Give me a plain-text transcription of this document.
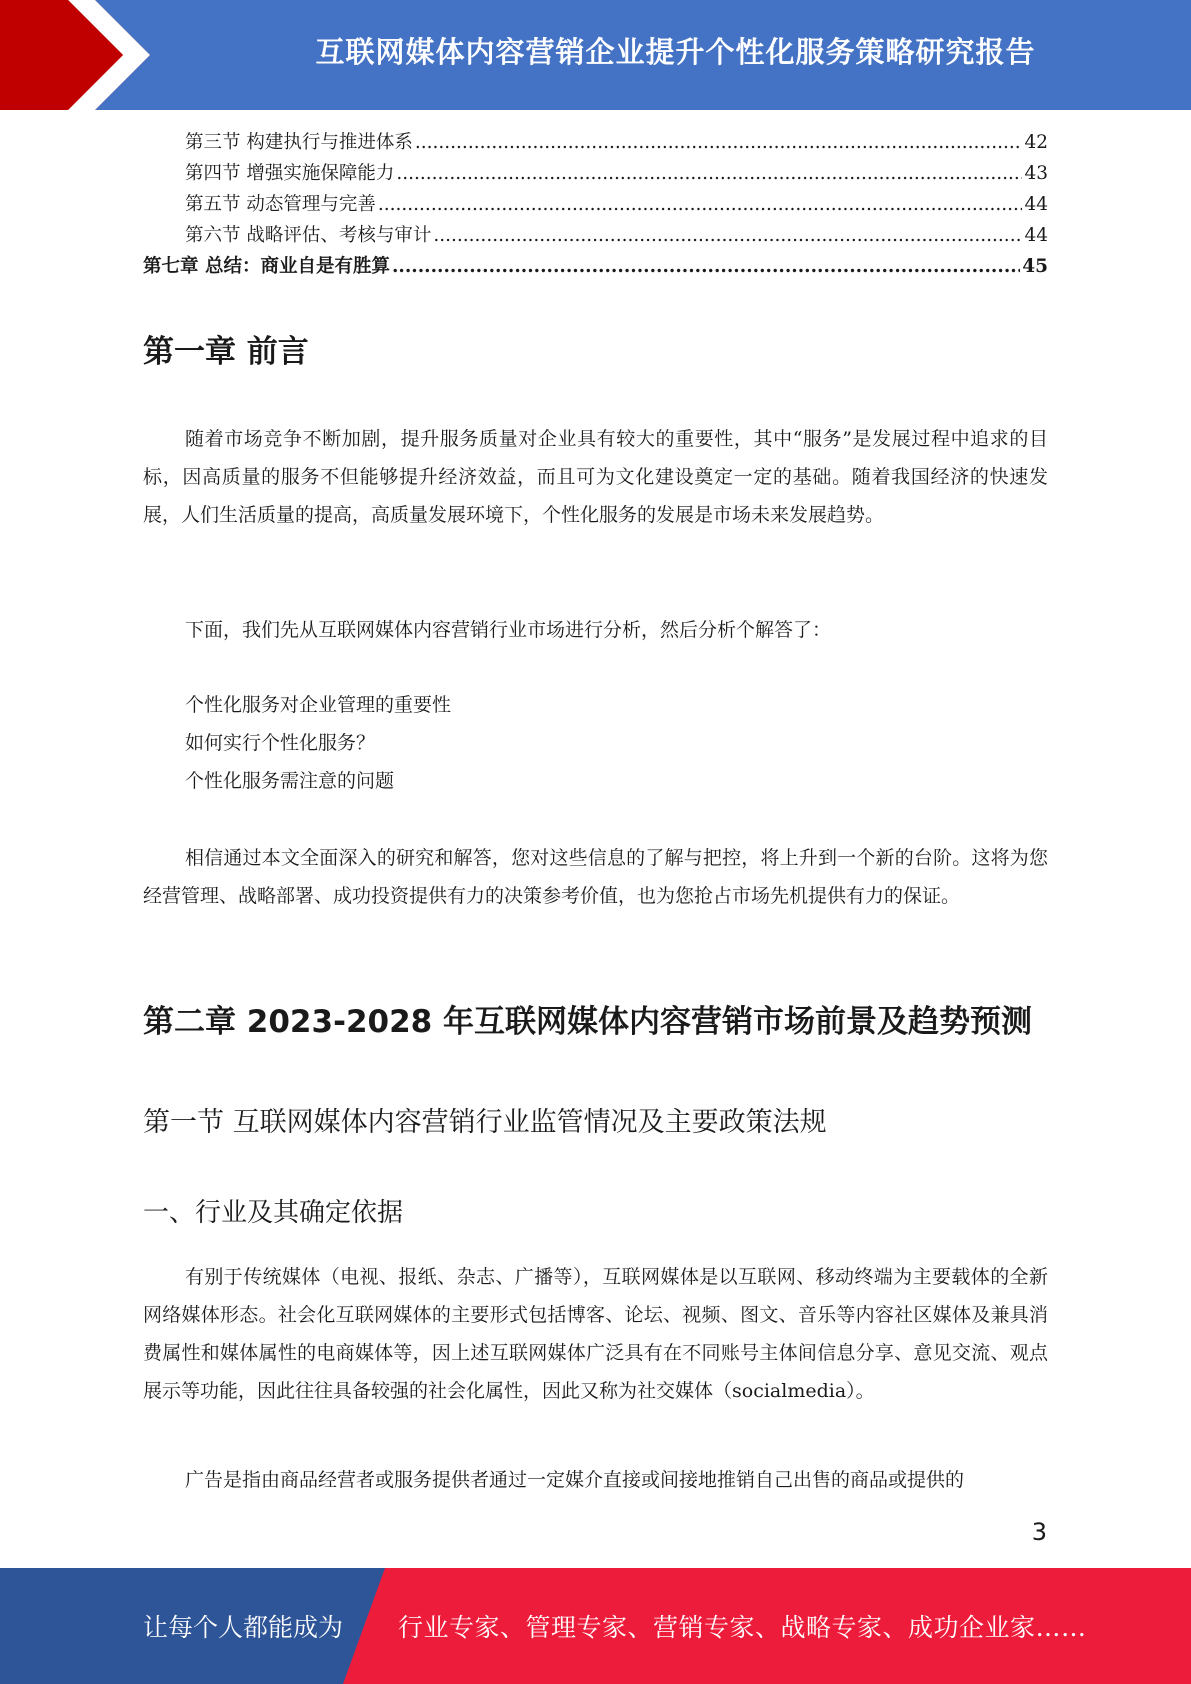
互联网媒体内容营销企业提升个性化服务策略研究报告
第三节 构建执行与推进体系 .....	42
第四节 增强实施保障能力 .....	43
第五节 动态管理与完善 .....	44
第六节 战略评估、考核与审计 .....	44
第七章 总结：商业自是有胜算 .....	45
第一章 前言

随着市场竞争不断加剧，提升服务质量对企业具有较大的重要性，其中“服务”是发展过程中追求的目标，因高质量的服务不但能够提升经济效益，而且可为文化建设奠定一定的基础。随着我国经济的快速发展，人们生活质量的提高，高质量发展环境下，个性化服务的发展是市场未来发展趋势。

下面，我们先从互联网媒体内容营销行业市场进行分析，然后分析个解答了：

个性化服务对企业管理的重要性
如何实行个性化服务？
个性化服务需注意的问题

相信通过本文全面深入的研究和解答，您对这些信息的了解与把控，将上升到一个新的台阶。这将为您经营管理、战略部署、成功投资提供有力的决策参考价值，也为您抢占市场先机提供有力的保证。

第二章 2023-2028 年互联网媒体内容营销市场前景及趋势预测
第一节 互联网媒体内容营销行业监管情况及主要政策法规
一、行业及其确定依据

有别于传统媒体（电视、报纸、杂志、广播等），互联网媒体是以互联网、移动终端为主要载体的全新网络媒体形态。社会化互联网媒体的主要形式包括博客、论坛、视频、图文、音乐等内容社区媒体及兼具消费属性和媒体属性的电商媒体等，因上述互联网媒体广泛具有在不同账号主体间信息分享、意见交流、观点展示等功能，因此往往具备较强的社会化属性，因此又称为社交媒体（socialmedia）。

广告是指由商品经营者或服务提供者通过一定媒介直接或间接地推销自己出售的商品或提供的

3
让每个人都能成为 行业专家、管理专家、营销专家、战略专家、成功企业家……
